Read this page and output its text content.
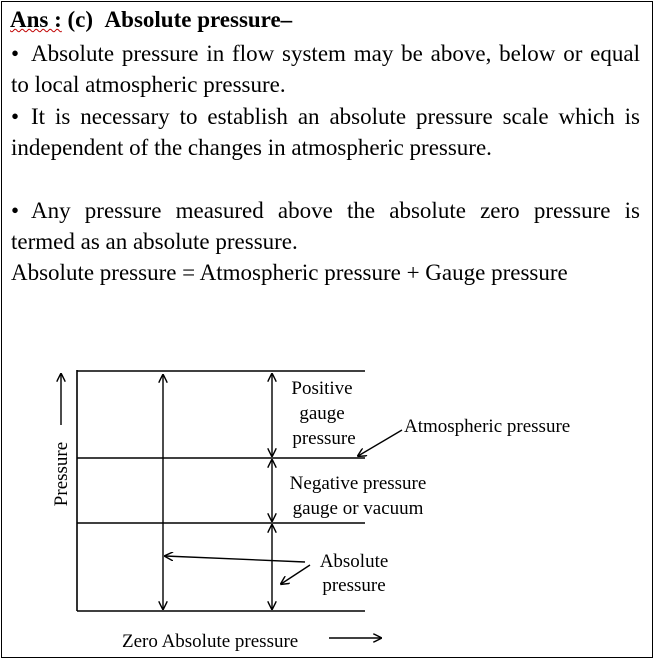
Ans : (c) Absolute pressure–

• Absolute pressure in flow system may be above, below or equal to local atmospheric pressure.

• It is necessary to establish an absolute pressure scale which is independent of the changes in atmospheric pressure.

• Any pressure measured above the absolute zero pressure is termed as an absolute pressure.

Absolute pressure = Atmospheric pressure + Gauge pressure

Pressure
Positive
gauge
pressure
Atmospheric pressure
Negative pressure
gauge or vacuum
Absolute
pressure
Zero Absolute pressure
